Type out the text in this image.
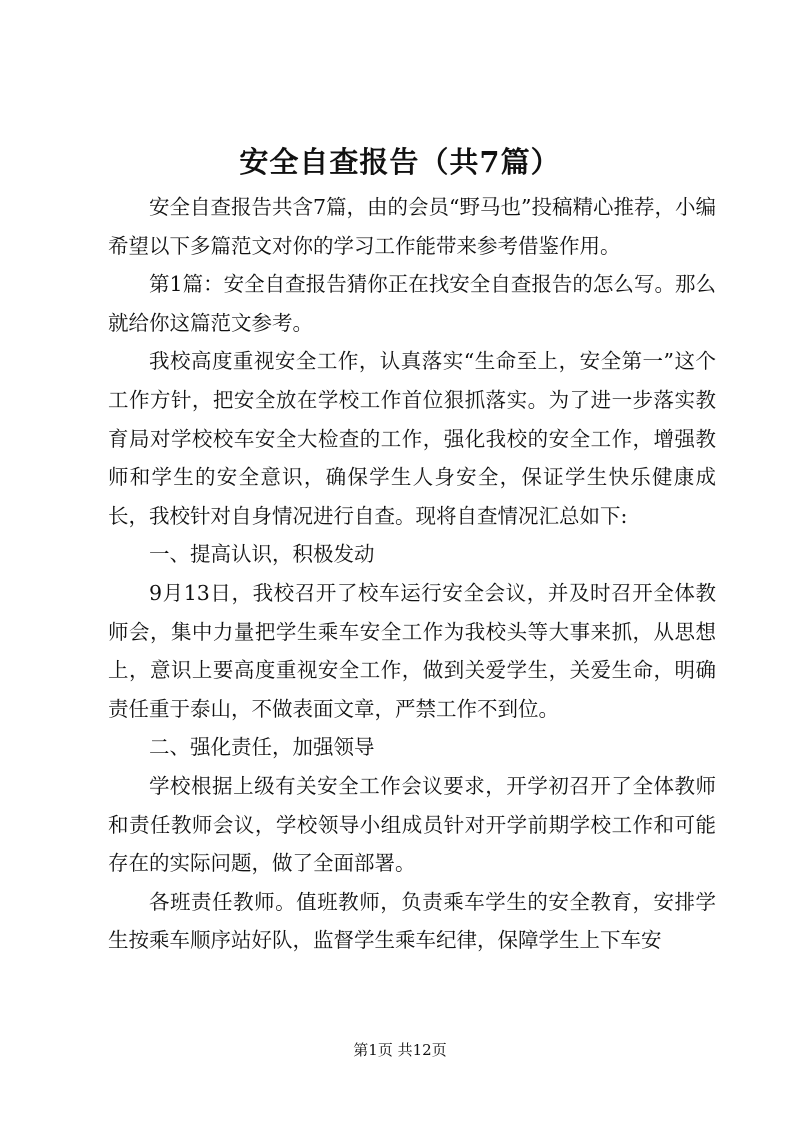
安全自查报告（共7篇）

安全自查报告共含7篇，由的会员“野马也”投稿精心推荐，小编希望以下多篇范文对你的学习工作能带来参考借鉴作用。

第1篇：安全自查报告猜你正在找安全自查报告的怎么写。那么就给你这篇范文参考。

我校高度重视安全工作，认真落实“生命至上，安全第一”这个工作方针，把安全放在学校工作首位狠抓落实。为了进一步落实教育局对学校校车安全大检查的工作，强化我校的安全工作，增强教师和学生的安全意识，确保学生人身安全，保证学生快乐健康成长，我校针对自身情况进行自查。现将自查情况汇总如下:

一、提高认识，积极发动

9月13日，我校召开了校车运行安全会议，并及时召开全体教师会，集中力量把学生乘车安全工作为我校头等大事来抓，从思想上，意识上要高度重视安全工作，做到关爱学生，关爱生命，明确责任重于泰山，不做表面文章，严禁工作不到位。

二、强化责任，加强领导

学校根据上级有关安全工作会议要求，开学初召开了全体教师和责任教师会议，学校领导小组成员针对开学前期学校工作和可能存在的实际问题，做了全面部署。

各班责任教师。值班教师，负责乘车学生的安全教育，安排学生按乘车顺序站好队，监督学生乘车纪律，保障学生上下车安

第1页 共12页
